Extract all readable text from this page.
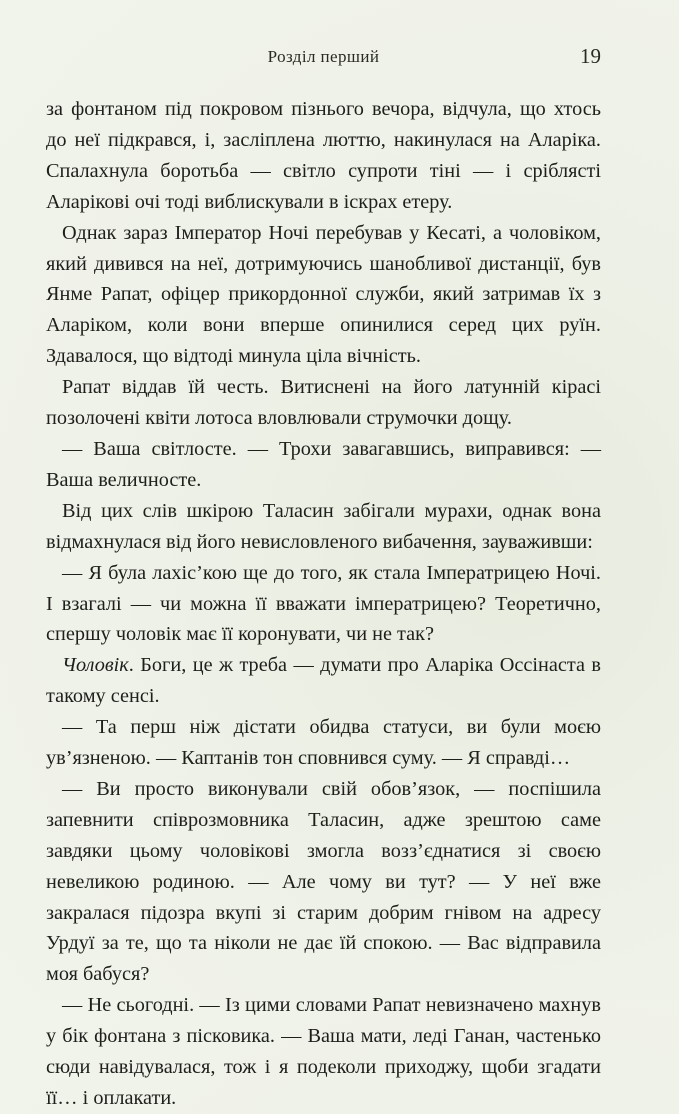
Розділ перший	19

за фонтаном під покровом пізнього вечора, відчула, що хтось до неї підкрався, і, засліплена люттю, накинулася на Аларіка. Спалахнула боротьба — світло супроти тіні — і сріблясті Аларікові очі тоді виблискували в іскрах етеру.

Однак зараз Імператор Ночі перебував у Кесаті, а чоловіком, який дивився на неї, дотримуючись шанобливої дистанції, був Янме Рапат, офіцер прикордонної служби, який затримав їх з Аларіком, коли вони вперше опинилися серед цих руїн. Здавалося, що відтоді минула ціла вічність.

Рапат віддав їй честь. Витиснені на його латунній кірасі позолочені квіти лотоса вловлювали струмочки дощу.

— Ваша світлосте. — Трохи завагавшись, виправився: — Ваша величносте.

Від цих слів шкірою Таласин забігали мурахи, однак вона відмахнулася від його невисловленого вибачення, зауваживши:

— Я була лахіс’кою ще до того, як стала Імператрицею Ночі. І взагалі — чи можна її вважати імператрицею? Теоретично, спершу чоловік має її коронувати, чи не так?

Чоловік. Боги, це ж треба — думати про Аларіка Оссінаста в такому сенсі.

— Та перш ніж дістати обидва статуси, ви були моєю ув’язненою. — Каптанів тон сповнився суму. — Я справді…

— Ви просто виконували свій обов’язок, — поспішила запевнити співрозмовника Таласин, адже зрештою саме завдяки цьому чоловікові змогла возз’єднатися зі своєю невеликою родиною. — Але чому ви тут? — У неї вже закралася підозра вкупі зі старим добрим гнівом на адресу Урдуї за те, що та ніколи не дає їй спокою. — Вас відправила моя бабуся?

— Не сьогодні. — Із цими словами Рапат невизначено махнув у бік фонтана з пісковика. — Ваша мати, леді Ганан, частенько сюди навідувалася, тож і я подеколи приходжу, щоби згадати її… і оплакати.
